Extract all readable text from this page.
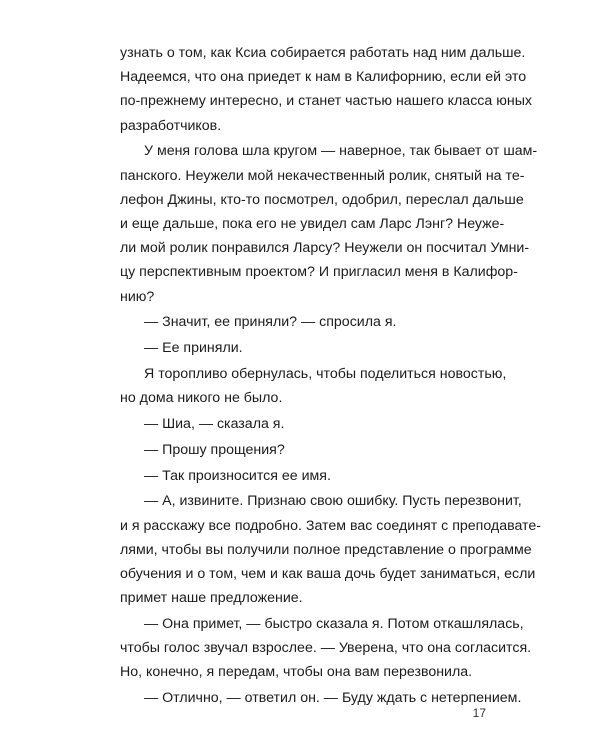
узнать о том, как Ксиа собирается работать над ним дальше.
Надеемся, что она приедет к нам в Калифорнию, если ей это
по-прежнему интересно, и станет частью нашего класса юных
разработчиков.
У меня голова шла кругом — наверное, так бывает от шам-
панского. Неужели мой некачественный ролик, снятый на те-
лефон Джины, кто-то посмотрел, одобрил, переслал дальше
и еще дальше, пока его не увидел сам Ларс Лэнг? Неуже-
ли мой ролик понравился Ларсу? Неужели он посчитал Умни-
цу перспективным проектом? И пригласил меня в Калифор-
нию?
— Значит, ее приняли? — спросила я.
— Ее приняли.
Я торопливо обернулась, чтобы поделиться новостью,
но дома никого не было.
— Шиа, — сказала я.
— Прошу прощения?
— Так произносится ее имя.
— А, извините. Признаю свою ошибку. Пусть перезвонит,
и я расскажу все подробно. Затем вас соединят с преподавате-
лями, чтобы вы получили полное представление о программе
обучения и о том, чем и как ваша дочь будет заниматься, если
примет наше предложение.
— Она примет, — быстро сказала я. Потом откашлялась,
чтобы голос звучал взрослее. — Уверена, что она согласится.
Но, конечно, я передам, чтобы она вам перезвонила.
— Отлично, — ответил он. — Буду ждать с нетерпением.
17
